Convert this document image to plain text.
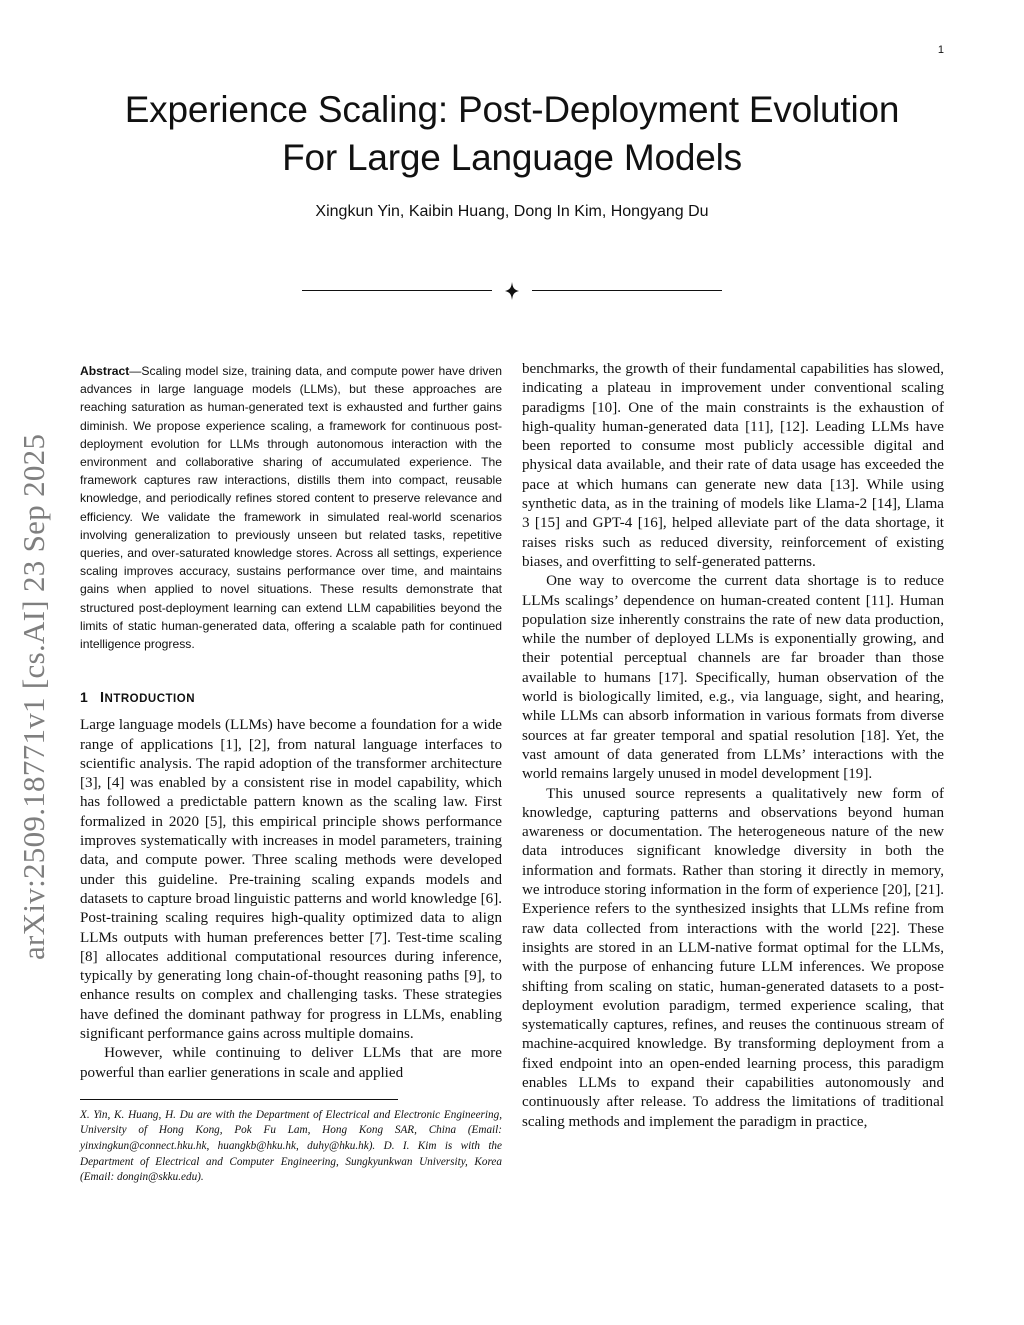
1
Experience Scaling: Post-Deployment Evolution
For Large Language Models
Xingkun Yin, Kaibin Huang, Dong In Kim, Hongyang Du
arXiv:2509.18771v1 [cs.AI] 23 Sep 2025

Abstract—Scaling model size, training data, and compute power have driven advances in large language models (LLMs), but these approaches are reaching saturation as human-generated text is exhausted and further gains diminish. We propose experience scaling, a framework for continuous post-deployment evolution for LLMs through autonomous interaction with the environment and collaborative sharing of accumulated experience. The framework captures raw interactions, distills them into compact, reusable knowledge, and periodically refines stored content to preserve relevance and efficiency. We validate the framework in simulated real-world scenarios involving generalization to previously unseen but related tasks, repetitive queries, and over-saturated knowledge stores. Across all settings, experience scaling improves accuracy, sustains performance over time, and maintains gains when applied to novel situations. These results demonstrate that structured post-deployment learning can extend LLM capabilities beyond the limits of static human-generated data, offering a scalable path for continued intelligence progress.

1 INTRODUCTION

Large language models (LLMs) have become a foundation for a wide range of applications [1], [2], from natural language interfaces to scientific analysis. The rapid adoption of the transformer architecture [3], [4] was enabled by a consistent rise in model capability, which has followed a predictable pattern known as the scaling law. First formalized in 2020 [5], this empirical principle shows performance improves systematically with increases in model parameters, training data, and compute power. Three scaling methods were developed under this guideline. Pre-training scaling expands models and datasets to capture broad linguistic patterns and world knowledge [6]. Post-training scaling requires high-quality optimized data to align LLMs outputs with human preferences better [7]. Test-time scaling [8] allocates additional computational resources during inference, typically by generating long chain-of-thought reasoning paths [9], to enhance results on complex and challenging tasks. These strategies have defined the dominant pathway for progress in LLMs, enabling significant performance gains across multiple domains.

However, while continuing to deliver LLMs that are more powerful than earlier generations in scale and applied

X. Yin, K. Huang, H. Du are with the Department of Electrical and Electronic Engineering, University of Hong Kong, Pok Fu Lam, Hong Kong SAR, China (Email: yinxingkun@connect.hku.hk, huangkb@hku.hk, duhy@hku.hk). D. I. Kim is with the Department of Electrical and Computer Engineering, Sungkyunkwan University, Korea (Email: dongin@skku.edu).

benchmarks, the growth of their fundamental capabilities has slowed, indicating a plateau in improvement under conventional scaling paradigms [10]. One of the main constraints is the exhaustion of high-quality human-generated data [11], [12]. Leading LLMs have been reported to consume most publicly accessible digital and physical data available, and their rate of data usage has exceeded the pace at which humans can generate new data [13]. While using synthetic data, as in the training of models like Llama-2 [14], Llama 3 [15] and GPT-4 [16], helped alleviate part of the data shortage, it raises risks such as reduced diversity, reinforcement of existing biases, and overfitting to self-generated patterns.

One way to overcome the current data shortage is to reduce LLMs scalings’ dependence on human-created content [11]. Human population size inherently constrains the rate of new data production, while the number of deployed LLMs is exponentially growing, and their potential perceptual channels are far broader than those available to humans [17]. Specifically, human observation of the world is biologically limited, e.g., via language, sight, and hearing, while LLMs can absorb information in various formats from diverse sources at far greater temporal and spatial resolution [18]. Yet, the vast amount of data generated from LLMs’ interactions with the world remains largely unused in model development [19].

This unused source represents a qualitatively new form of knowledge, capturing patterns and observations beyond human awareness or documentation. The heterogeneous nature of the new data introduces significant knowledge diversity in both the information and formats. Rather than storing it directly in memory, we introduce storing information in the form of experience [20], [21]. Experience refers to the synthesized insights that LLMs refine from raw data collected from interactions with the world [22]. These insights are stored in an LLM-native format optimal for the LLMs, with the purpose of enhancing future LLM inferences. We propose shifting from scaling on static, human-generated datasets to a post-deployment evolution paradigm, termed experience scaling, that systematically captures, refines, and reuses the continuous stream of machine-acquired knowledge. By transforming deployment from a fixed endpoint into an open-ended learning process, this paradigm enables LLMs to expand their capabilities autonomously and continuously after release. To address the limitations of traditional scaling methods and implement the paradigm in practice,
